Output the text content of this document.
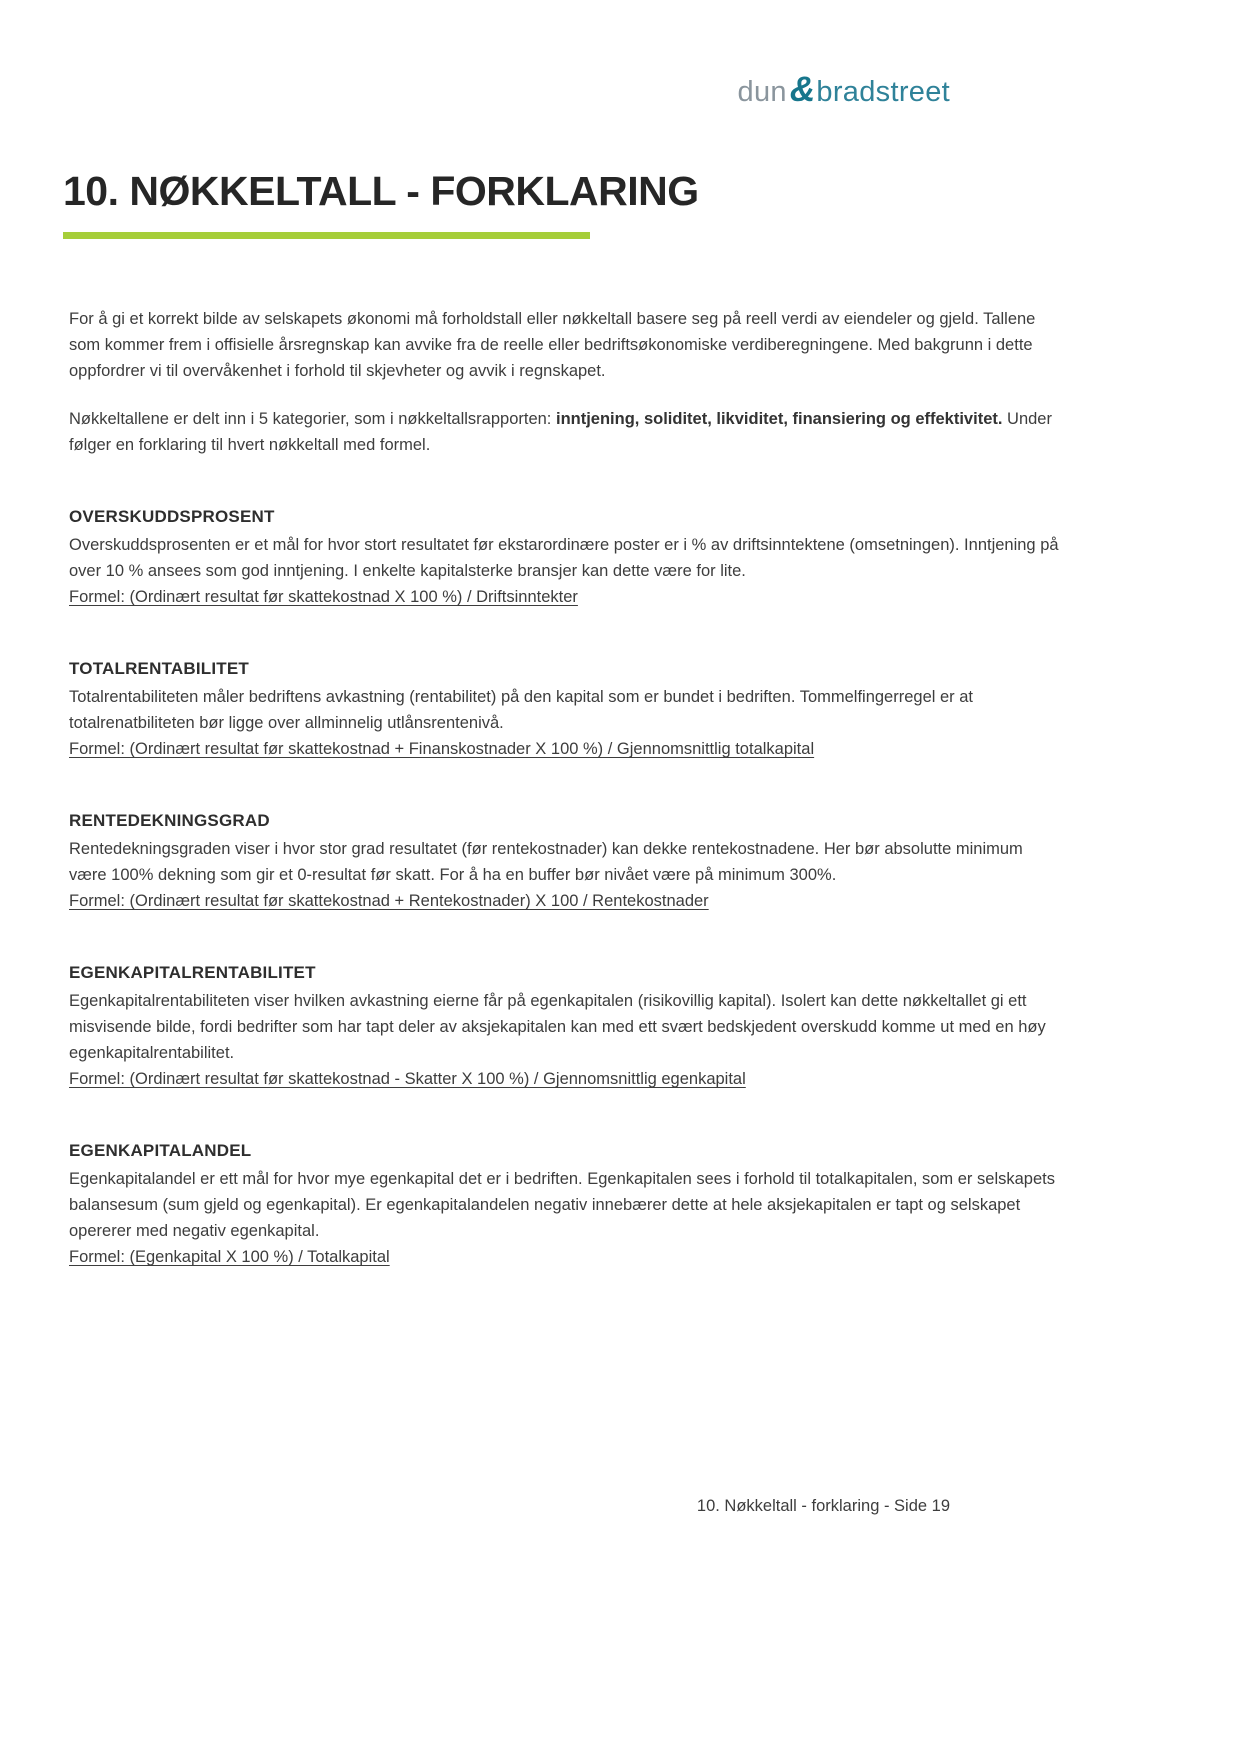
dun&bradstreet
10. NØKKELTALL - FORKLARING

For å gi et korrekt bilde av selskapets økonomi må forholdstall eller nøkkeltall basere seg på reell verdi av eiendeler og gjeld. Tallene som kommer frem i offisielle årsregnskap kan avvike fra de reelle eller bedriftsøkonomiske verdiberegningene. Med bakgrunn i dette oppfordrer vi til overvåkenhet i forhold til skjevheter og avvik i regnskapet.

Nøkkeltallene er delt inn i 5 kategorier, som i nøkkeltallsrapporten: inntjening, soliditet, likviditet, finansiering og effektivitet. Under følger en forklaring til hvert nøkkeltall med formel.

OVERSKUDDSPROSENT

Overskuddsprosenten er et mål for hvor stort resultatet før ekstarordinære poster er i % av driftsinntektene (omsetningen). Inntjening på over 10 % ansees som god inntjening. I enkelte kapitalsterke bransjer kan dette være for lite.

Formel: (Ordinært resultat før skattekostnad X 100 %) / Driftsinntekter

TOTALRENTABILITET

Totalrentabiliteten måler bedriftens avkastning (rentabilitet) på den kapital som er bundet i bedriften. Tommelfingerregel er at totalrenatbiliteten bør ligge over allminnelig utlånsrentenivå.

Formel: (Ordinært resultat før skattekostnad + Finanskostnader X 100 %) / Gjennomsnittlig totalkapital

RENTEDEKNINGSGRAD

Rentedekningsgraden viser i hvor stor grad resultatet (før rentekostnader) kan dekke rentekostnadene. Her bør absolutte minimum være 100% dekning som gir et 0-resultat før skatt. For å ha en buffer bør nivået være på minimum 300%.

Formel: (Ordinært resultat før skattekostnad + Rentekostnader) X 100 / Rentekostnader

EGENKAPITALRENTABILITET

Egenkapitalrentabiliteten viser hvilken avkastning eierne får på egenkapitalen (risikovillig kapital). Isolert kan dette nøkkeltallet gi ett misvisende bilde, fordi bedrifter som har tapt deler av aksjekapitalen kan med ett svært bedskjedent overskudd komme ut med en høy egenkapitalrentabilitet.

Formel: (Ordinært resultat før skattekostnad - Skatter X 100 %) / Gjennomsnittlig egenkapital

EGENKAPITALANDEL

Egenkapitalandel er ett mål for hvor mye egenkapital det er i bedriften. Egenkapitalen sees i forhold til totalkapitalen, som er selskapets balansesum (sum gjeld og egenkapital). Er egenkapitalandelen negativ innebærer dette at hele aksjekapitalen er tapt og selskapet opererer med negativ egenkapital.

Formel: (Egenkapital X 100 %) / Totalkapital

10. Nøkkeltall - forklaring - Side 19
